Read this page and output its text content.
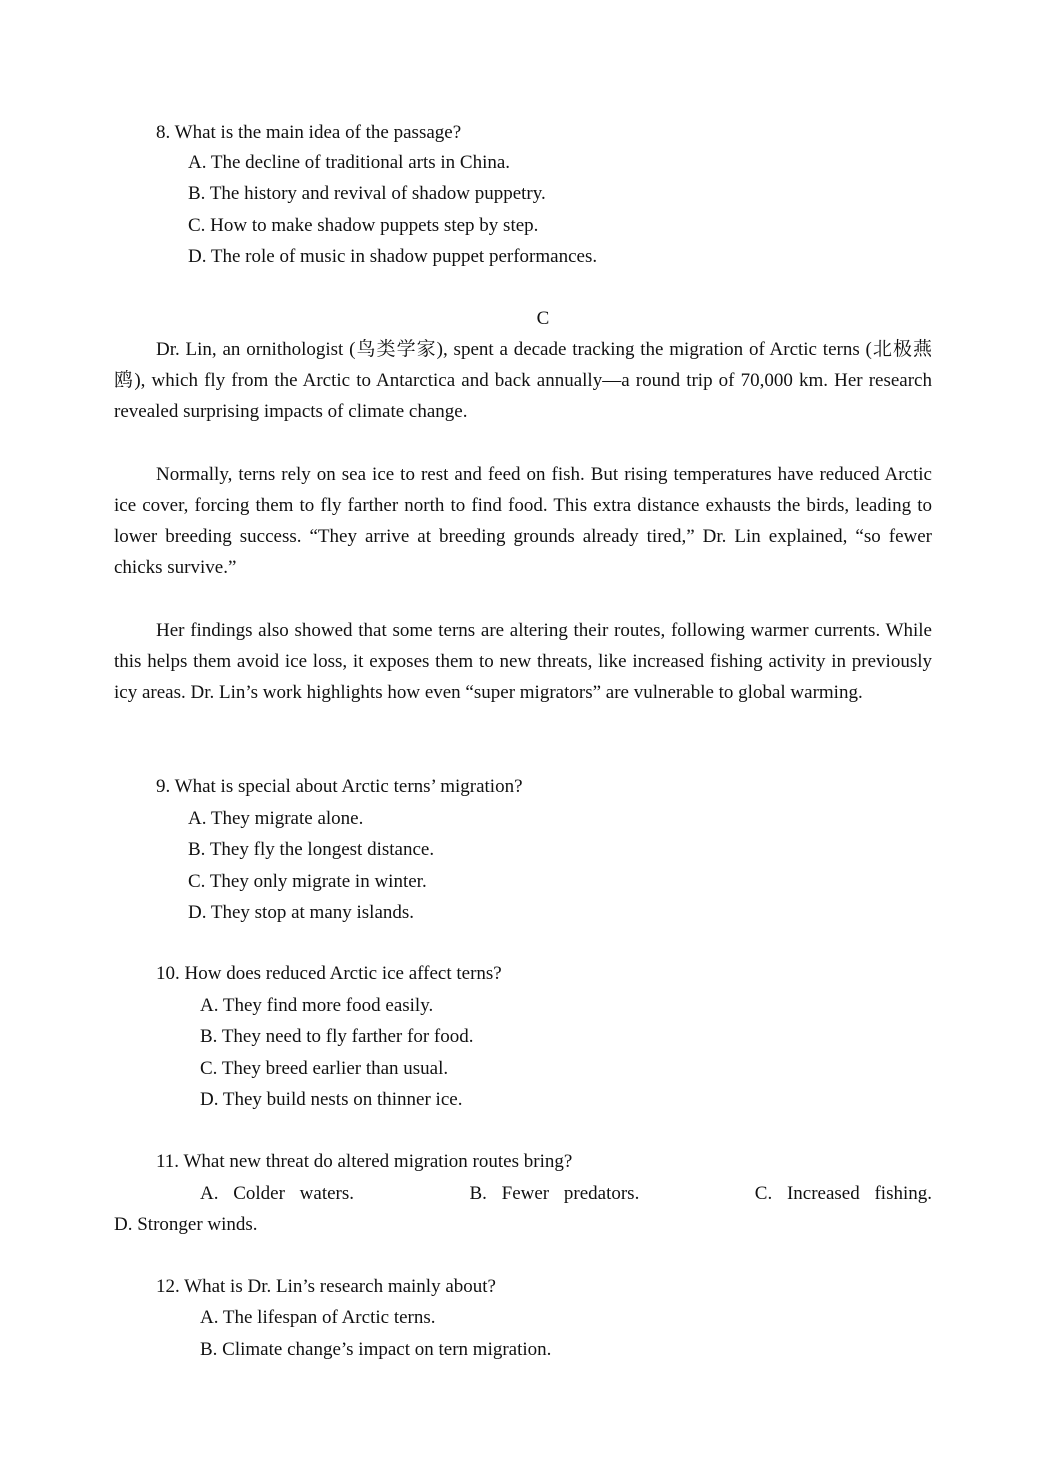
8. What is the main idea of the passage?
A. The decline of traditional arts in China.
B. The history and revival of shadow puppetry.
C. How to make shadow puppets step by step.
D. The role of music in shadow puppet performances.
C
Dr. Lin, an ornithologist (鸟类学家), spent a decade tracking the migration of Arctic terns (北极燕鸥), which fly from the Arctic to Antarctica and back annually—a round trip of 70,000 km. Her research revealed surprising impacts of climate change.
Normally, terns rely on sea ice to rest and feed on fish. But rising temperatures have reduced Arctic ice cover, forcing them to fly farther north to find food. This extra distance exhausts the birds, leading to lower breeding success. “They arrive at breeding grounds already tired,” Dr. Lin explained, “so fewer chicks survive.”
Her findings also showed that some terns are altering their routes, following warmer currents. While this helps them avoid ice loss, it exposes them to new threats, like increased fishing activity in previously icy areas. Dr. Lin’s work highlights how even “super migrators” are vulnerable to global warming.
9. What is special about Arctic terns’ migration?
A. They migrate alone.
B. They fly the longest distance.
C. They only migrate in winter.
D. They stop at many islands.
10. How does reduced Arctic ice affect terns?
A. They find more food easily.
B. They need to fly farther for food.
C. They breed earlier than usual.
D. They build nests on thinner ice.
11. What new threat do altered migration routes bring?
A. Colder waters.	B. Fewer predators.	C. Increased fishing.
D. Stronger winds.
12. What is Dr. Lin’s research mainly about?
A. The lifespan of Arctic terns.
B. Climate change’s impact on tern migration.
